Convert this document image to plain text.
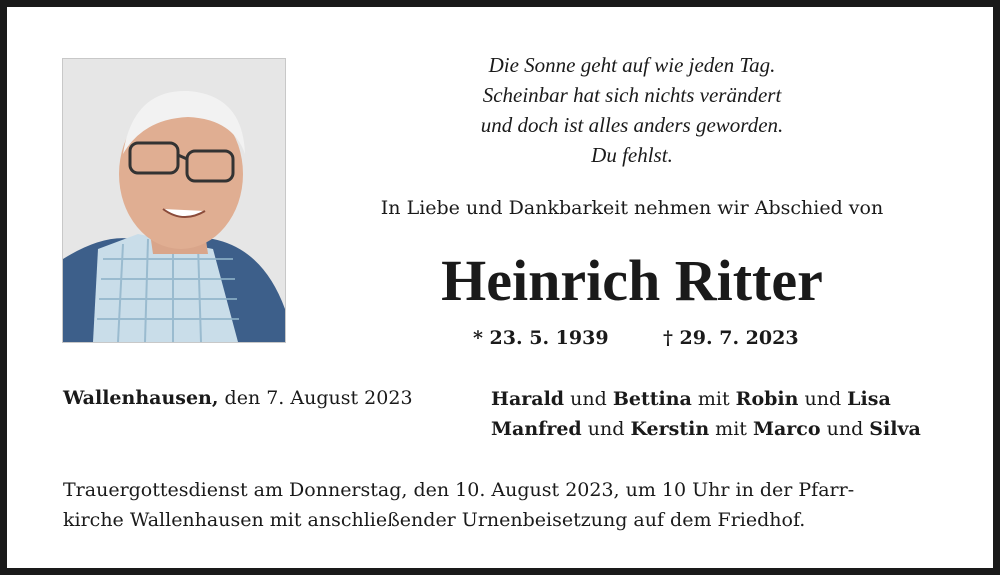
Die Sonne geht auf wie jeden Tag.
Scheinbar hat sich nichts verändert
und doch ist alles anders geworden.
Du fehlst.
In Liebe und Dankbarkeit nehmen wir Abschied von
Heinrich Ritter
* 23. 5. 1939	† 29. 7. 2023
Wallenhausen, den 7. August 2023	Harald und Bettina mit Robin und Lisa
Manfred und Kerstin mit Marco und Silva
Trauergottesdienst am Donnerstag, den 10. August 2023, um 10 Uhr in der Pfarr-
kirche Wallenhausen mit anschließender Urnenbeisetzung auf dem Friedhof.
